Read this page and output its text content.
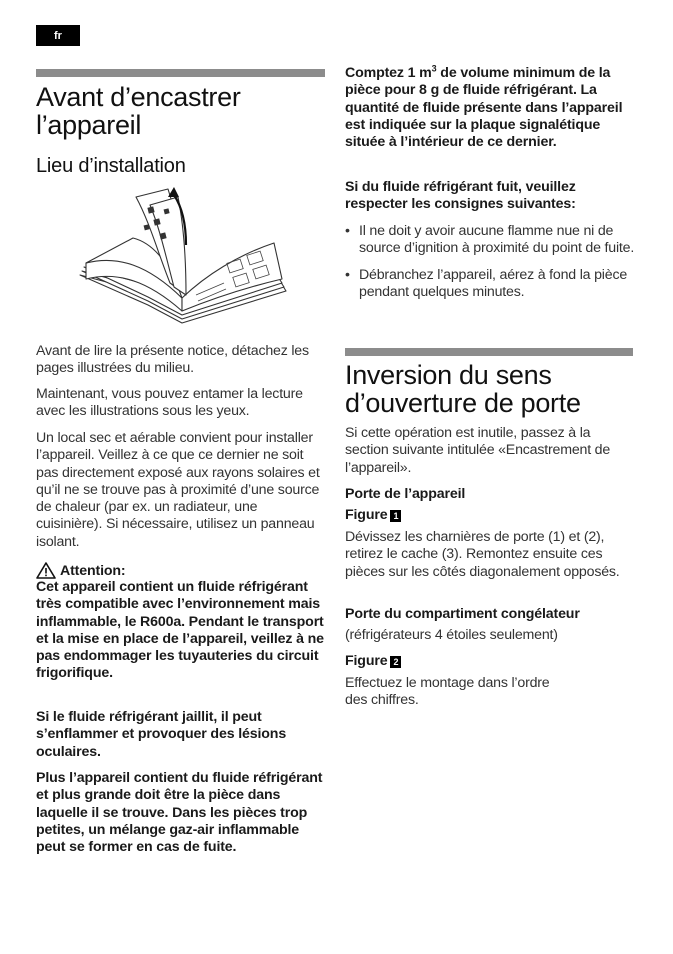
fr
Avant d’encastrer
l’appareil
Lieu d’installation

Avant de lire la présente notice, détachez les pages illustrées du milieu.

Maintenant, vous pouvez entamer la lecture avec les illustrations sous les yeux.

Un local sec et aérable convient pour installer l’appareil. Veillez à ce que ce dernier ne soit pas directement exposé aux rayons solaires et qu’il ne se trouve pas à proximité d’une source de chaleur (par ex. un radiateur, une cuisinière). Si nécessaire, utilisez un panneau isolant.

Attention:

Cet appareil contient un fluide réfrigérant très compatible avec l’environnement mais inflammable, le R600a. Pendant le transport et la mise en place de l’appareil, veillez à ne pas endommager les tuyauteries du circuit frigorifique.

Si le fluide réfrigérant jaillit, il peut s’enflammer et provoquer des lésions oculaires.

Plus l’appareil contient du fluide réfrigérant et plus grande doit être la pièce dans laquelle il se trouve. Dans les pièces trop petites, un mélange gaz-air inflammable peut se former en cas de fuite.

Comptez 1 $m^3$ de volume minimum de la pièce pour 8 g de fluide réfrigérant. La quantité de fluide présente dans l’appareil est indiquée sur la plaque signalétique située à l’intérieur de ce dernier.

Si du fluide réfrigérant fuit, veuillez respecter les consignes suivantes:

• Il ne doit y avoir aucune flamme nue ni de source d’ignition à proximité du point de fuite.
• Débranchez l’appareil, aérez à fond la pièce pendant quelques minutes.
Inversion du sens
d’ouverture de porte

Si cette opération est inutile, passez à la section suivante intitulée «Encastrement de l’appareil».

Porte de l’appareil

Figure 1

Dévissez les charnières de porte (1) et (2), retirez le cache (3). Remontez ensuite ces pièces sur les côtés diagonalement opposés.

Porte du compartiment congélateur

(réfrigérateurs 4 étoiles seulement)

Figure 2

Effectuez le montage dans l’ordre
des chiffres.
